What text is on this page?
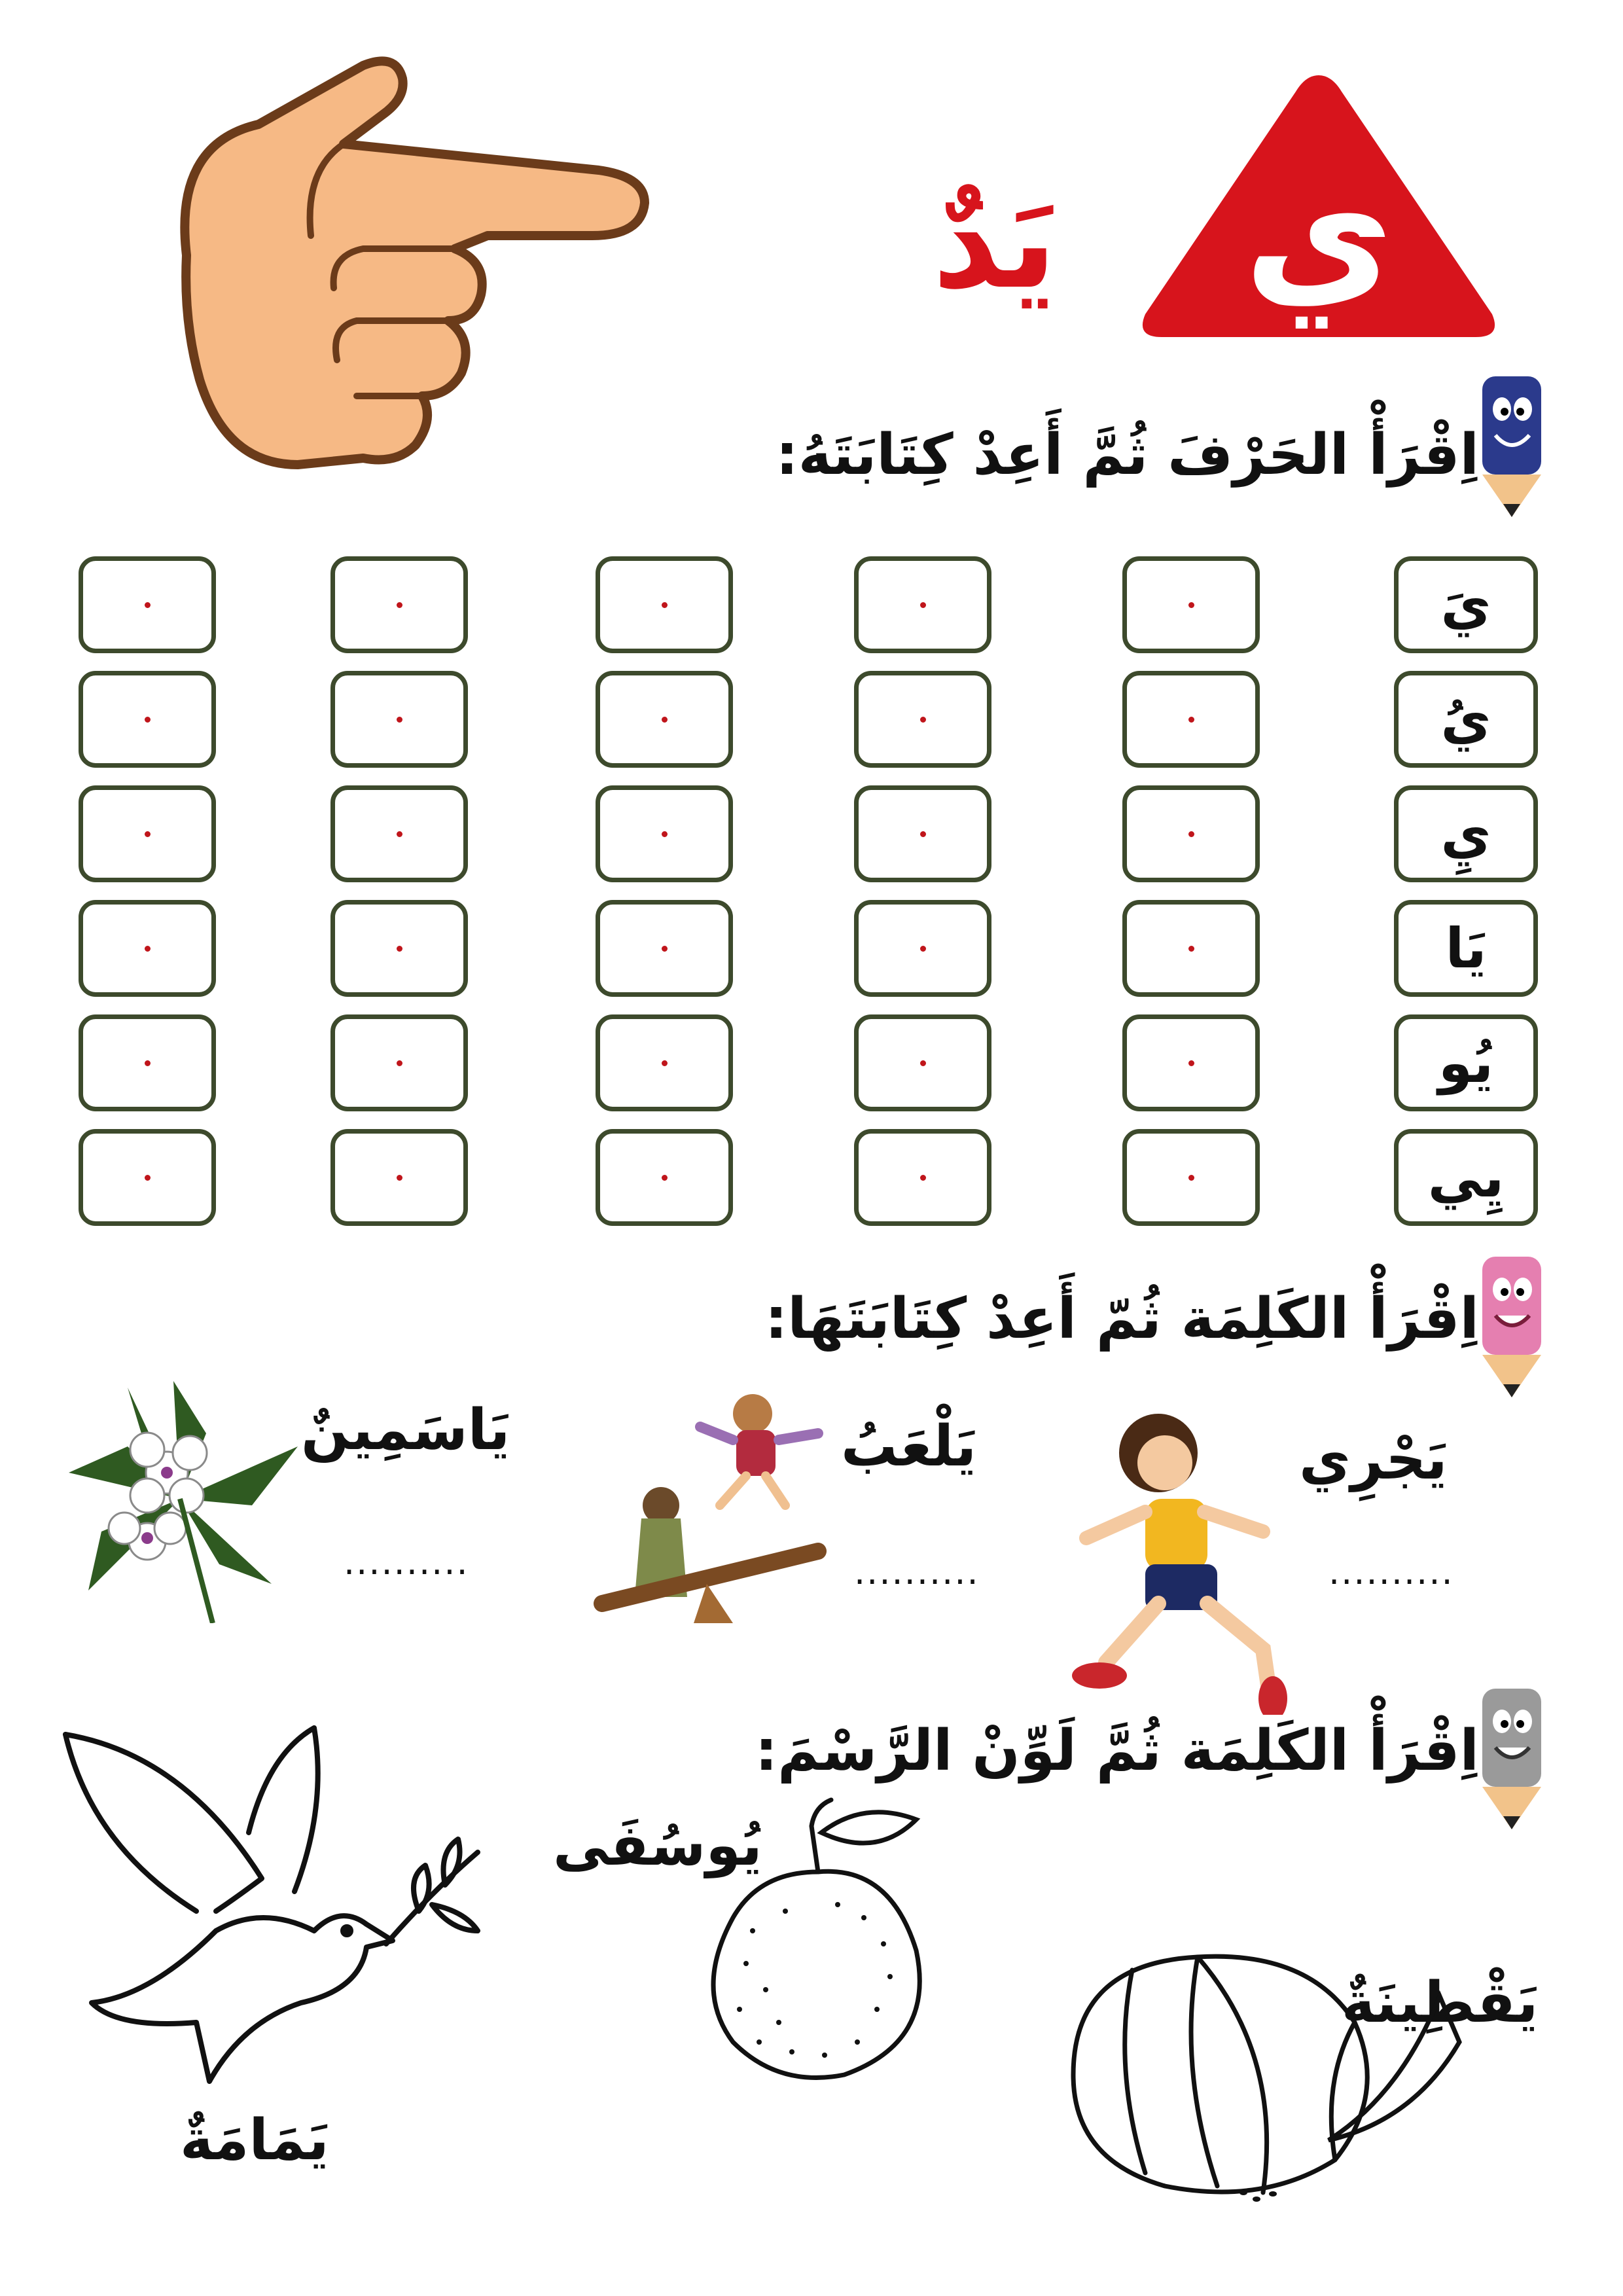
ي
يَدٌ
اِقْرَأْ الحَرْفَ ثُمَّ أَعِدْ كِتَابَتَهُ:
يَ
يُ
يِ
يَا
يُو
يِي
اِقْرَأْ الكَلِمَة ثُمّ أَعِدْ كِتَابَتَهَا:
يَجْرِي
يَلْعَبُ
يَاسَمِينٌ
..........
..........
..........
اِقْرَأْ الكَلِمَة ثُمَّ لَوِّنْ الرَّسْمَ:
يُوسُفَى
يَقْطِينَةٌ
يَمَامَةٌ
